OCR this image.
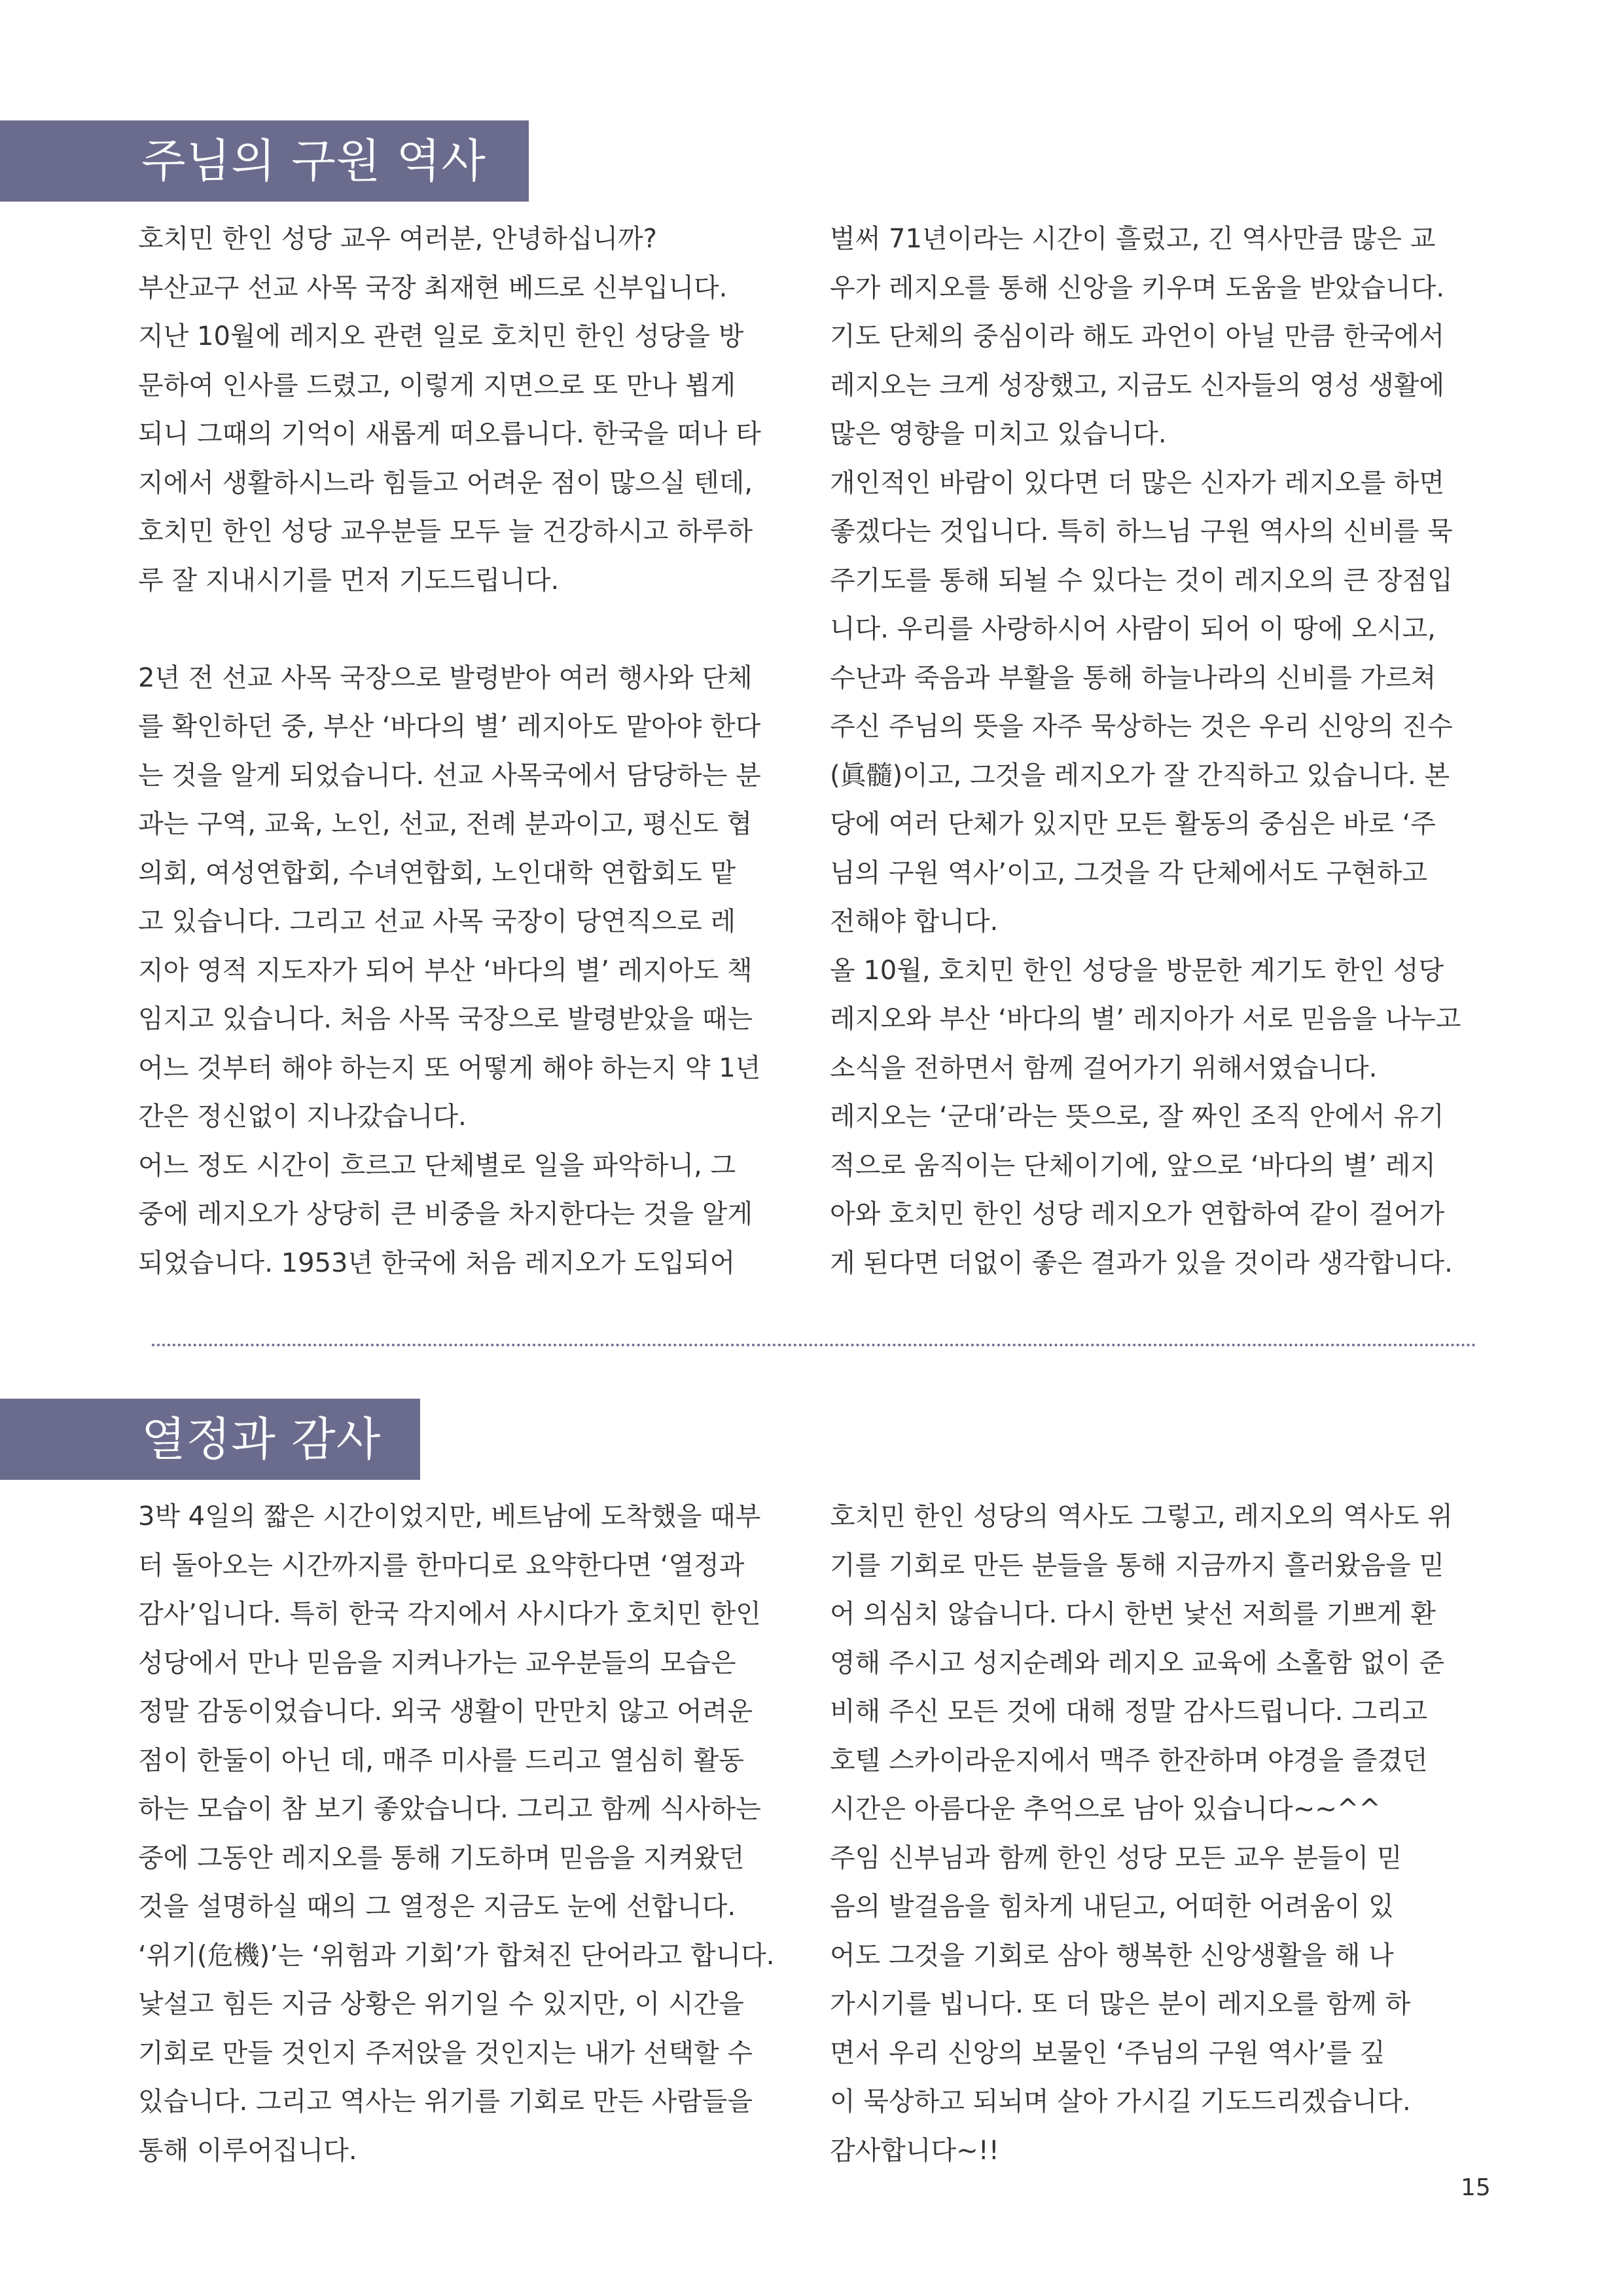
주님의 구원 역사
호치민 한인 성당 교우 여러분, 안녕하십니까?
부산교구 선교 사목 국장 최재현 베드로 신부입니다.
지난 10월에 레지오 관련 일로 호치민 한인 성당을 방
문하여 인사를 드렸고, 이렇게 지면으로 또 만나 뵙게
되니 그때의 기억이 새롭게 떠오릅니다. 한국을 떠나 타
지에서 생활하시느라 힘들고 어려운 점이 많으실 텐데,
호치민 한인 성당 교우분들 모두 늘 건강하시고 하루하
루 잘 지내시기를 먼저 기도드립니다.
2년 전 선교 사목 국장으로 발령받아 여러 행사와 단체
를 확인하던 중, 부산 ‘바다의 별’ 레지아도 맡아야 한다
는 것을 알게 되었습니다. 선교 사목국에서 담당하는 분
과는 구역, 교육, 노인, 선교, 전례 분과이고, 평신도 협
의회, 여성연합회, 수녀연합회, 노인대학 연합회도 맡
고 있습니다. 그리고 선교 사목 국장이 당연직으로 레
지아 영적 지도자가 되어 부산 ‘바다의 별’ 레지아도 책
임지고 있습니다. 처음 사목 국장으로 발령받았을 때는
어느 것부터 해야 하는지 또 어떻게 해야 하는지 약 1년
간은 정신없이 지나갔습니다.
어느 정도 시간이 흐르고 단체별로 일을 파악하니, 그
중에 레지오가 상당히 큰 비중을 차지한다는 것을 알게
되었습니다. 1953년 한국에 처음 레지오가 도입되어
벌써 71년이라는 시간이 흘렀고, 긴 역사만큼 많은 교
우가 레지오를 통해 신앙을 키우며 도움을 받았습니다.
기도 단체의 중심이라 해도 과언이 아닐 만큼 한국에서
레지오는 크게 성장했고, 지금도 신자들의 영성 생활에
많은 영향을 미치고 있습니다.
개인적인 바람이 있다면 더 많은 신자가 레지오를 하면
좋겠다는 것입니다. 특히 하느님 구원 역사의 신비를 묵
주기도를 통해 되뇔 수 있다는 것이 레지오의 큰 장점입
니다. 우리를 사랑하시어 사람이 되어 이 땅에 오시고,
수난과 죽음과 부활을 통해 하늘나라의 신비를 가르쳐
주신 주님의 뜻을 자주 묵상하는 것은 우리 신앙의 진수
(眞髓)이고, 그것을 레지오가 잘 간직하고 있습니다. 본
당에 여러 단체가 있지만 모든 활동의 중심은 바로 ‘주
님의 구원 역사’이고, 그것을 각 단체에서도 구현하고
전해야 합니다.
올 10월, 호치민 한인 성당을 방문한 계기도 한인 성당
레지오와 부산 ‘바다의 별’ 레지아가 서로 믿음을 나누고
소식을 전하면서 함께 걸어가기 위해서였습니다.
레지오는 ‘군대’라는 뜻으로, 잘 짜인 조직 안에서 유기
적으로 움직이는 단체이기에, 앞으로 ‘바다의 별’ 레지
아와 호치민 한인 성당 레지오가 연합하여 같이 걸어가
게 된다면 더없이 좋은 결과가 있을 것이라 생각합니다.
열정과 감사
3박 4일의 짧은 시간이었지만, 베트남에 도착했을 때부
터 돌아오는 시간까지를 한마디로 요약한다면 ‘열정과
감사’입니다. 특히 한국 각지에서 사시다가 호치민 한인
성당에서 만나 믿음을 지켜나가는 교우분들의 모습은
정말 감동이었습니다. 외국 생활이 만만치 않고 어려운
점이 한둘이 아닌 데, 매주 미사를 드리고 열심히 활동
하는 모습이 참 보기 좋았습니다. 그리고 함께 식사하는
중에 그동안 레지오를 통해 기도하며 믿음을 지켜왔던
것을 설명하실 때의 그 열정은 지금도 눈에 선합니다.
‘위기(危機)’는 ‘위험과 기회’가 합쳐진 단어라고 합니다.
낯설고 힘든 지금 상황은 위기일 수 있지만, 이 시간을
기회로 만들 것인지 주저앉을 것인지는 내가 선택할 수
있습니다. 그리고 역사는 위기를 기회로 만든 사람들을
통해 이루어집니다.
호치민 한인 성당의 역사도 그렇고, 레지오의 역사도 위
기를 기회로 만든 분들을 통해 지금까지 흘러왔음을 믿
어 의심치 않습니다. 다시 한번 낯선 저희를 기쁘게 환
영해 주시고 성지순례와 레지오 교육에 소홀함 없이 준
비해 주신 모든 것에 대해 정말 감사드립니다. 그리고
호텔 스카이라운지에서 맥주 한잔하며 야경을 즐겼던
시간은 아름다운 추억으로 남아 있습니다~~^^
주임 신부님과 함께 한인 성당 모든 교우 분들이 믿
음의 발걸음을 힘차게 내딛고, 어떠한 어려움이 있
어도 그것을 기회로 삼아 행복한 신앙생활을 해 나
가시기를 빕니다. 또 더 많은 분이 레지오를 함께 하
면서 우리 신앙의 보물인 ‘주님의 구원 역사’를 깊
이 묵상하고 되뇌며 살아 가시길 기도드리겠습니다.
감사합니다~!!
15
